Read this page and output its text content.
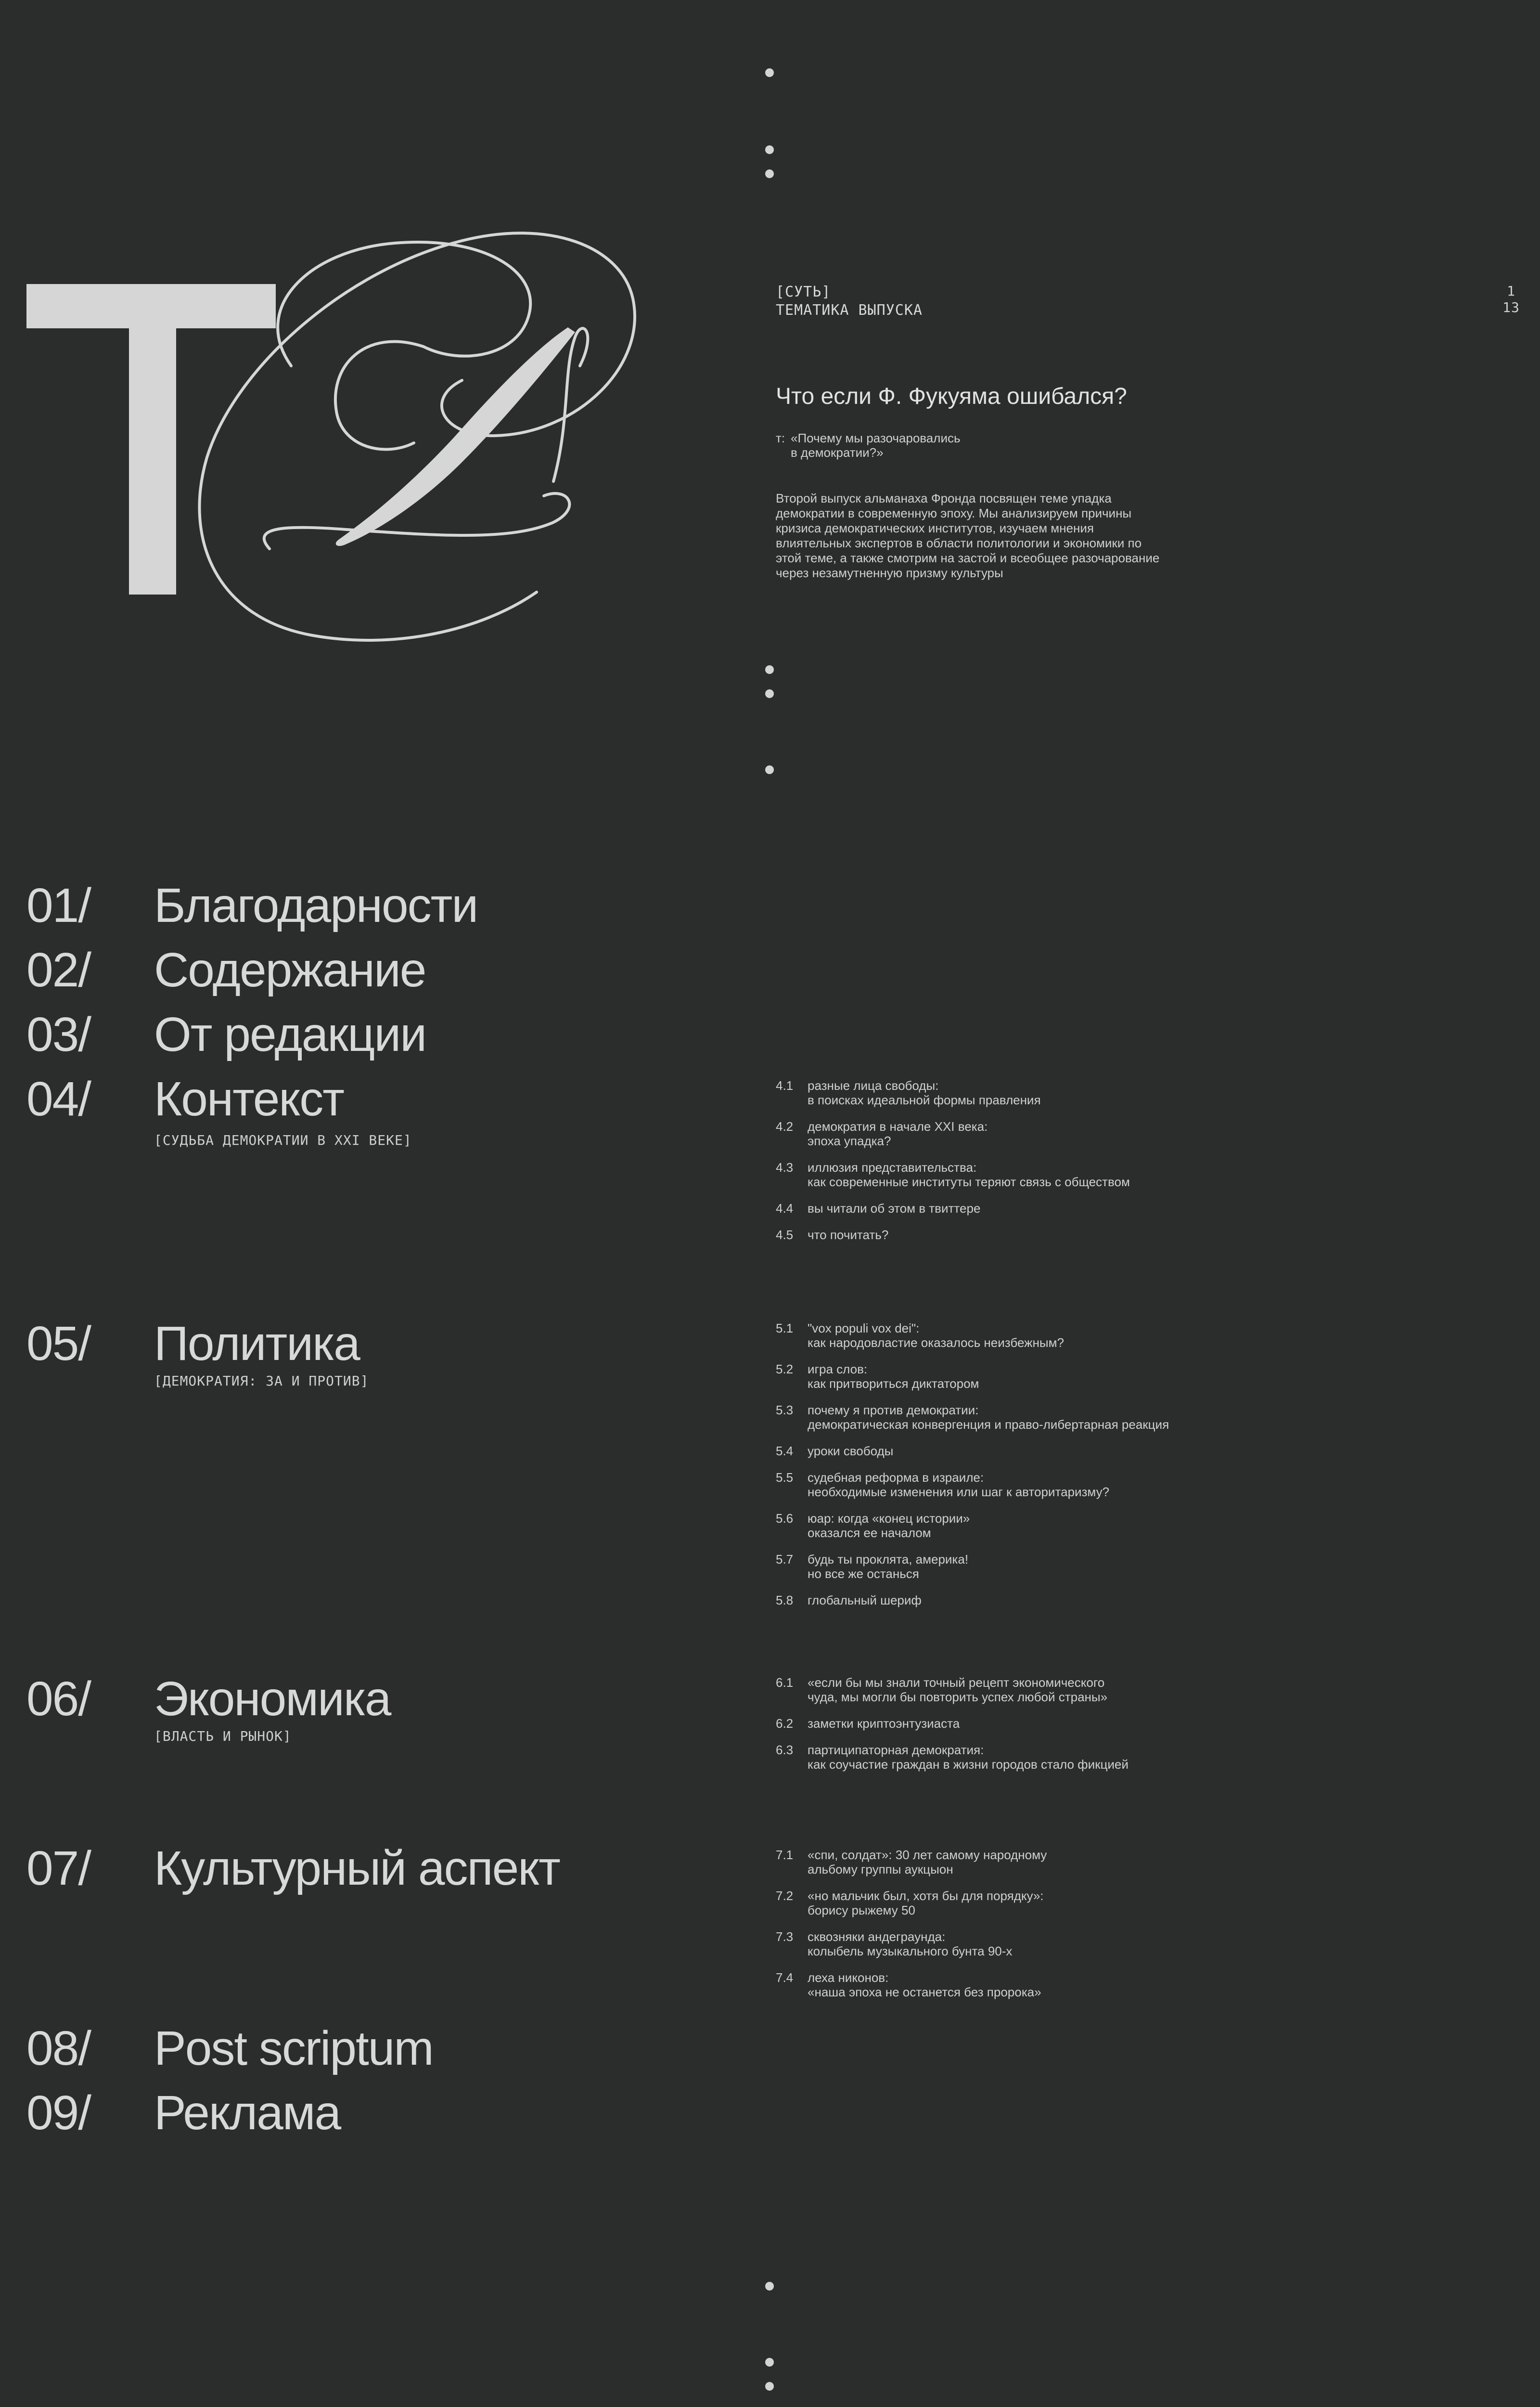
[СУТЬ]
ТЕМАТИКА ВЫПУСКА
1
13
Что если Ф. Фукуяма ошибался?
т: «Почему мы разочаровались
в демократии?»
Второй выпуск альманаха Фронда посвящен теме упадка демократии в современную эпоху. Мы анализируем причины кризиса демократических институтов, изучаем мнения влиятельных экспертов в области политологии и экономики по этой теме, а также смотрим на застой и всеобщее разочарование через незамутненную призму культуры
01/ Благодарности
02/ Содержание
03/ От редакции
04/ Контекст
[СУДЬБА ДЕМОКРАТИИ В XXI ВЕКЕ]
05/ Политика
[ДЕМОКРАТИЯ: ЗА И ПРОТИВ]
06/ Экономика
[ВЛАСТЬ И РЫНОК]
07/ Культурный аспект
08/ Post scriptum
09/ Реклама
4.1	разные лица свободы:
в поисках идеальной формы правления
4.2	демократия в начале XXI века:
эпоха упадка?
4.3	иллюзия представительства:
как современные институты теряют связь с обществом
4.4	вы читали об этом в твиттере
4.5	что почитать?
5.1	"vox populi vox dei":
как народовластие оказалось неизбежным?
5.2	игра слов:
как притвориться диктатором
5.3	почему я против демократии:
демократическая конвергенция и право-либертарная реакция
5.4	уроки свободы
5.5	судебная реформа в израиле:
необходимые изменения или шаг к авторитаризму?
5.6	юар: когда «конец истории»
оказался ее началом
5.7	будь ты проклята, америка!
но все же останься
5.8	глобальный шериф
6.1	«если бы мы знали точный рецепт экономического
чуда, мы могли бы повторить успех любой страны»
6.2	заметки криптоэнтузиаста
6.3	партиципаторная демократия:
как соучастие граждан в жизни городов стало фикцией
7.1	«спи, солдат»: 30 лет самому народному
альбому группы аукцыон
7.2	«но мальчик был, хотя бы для порядку»:
борису рыжему 50
7.3	сквозняки андеграунда:
колыбель музыкального бунта 90-х
7.4	леха никонов:
«наша эпоха не останется без пророка»
